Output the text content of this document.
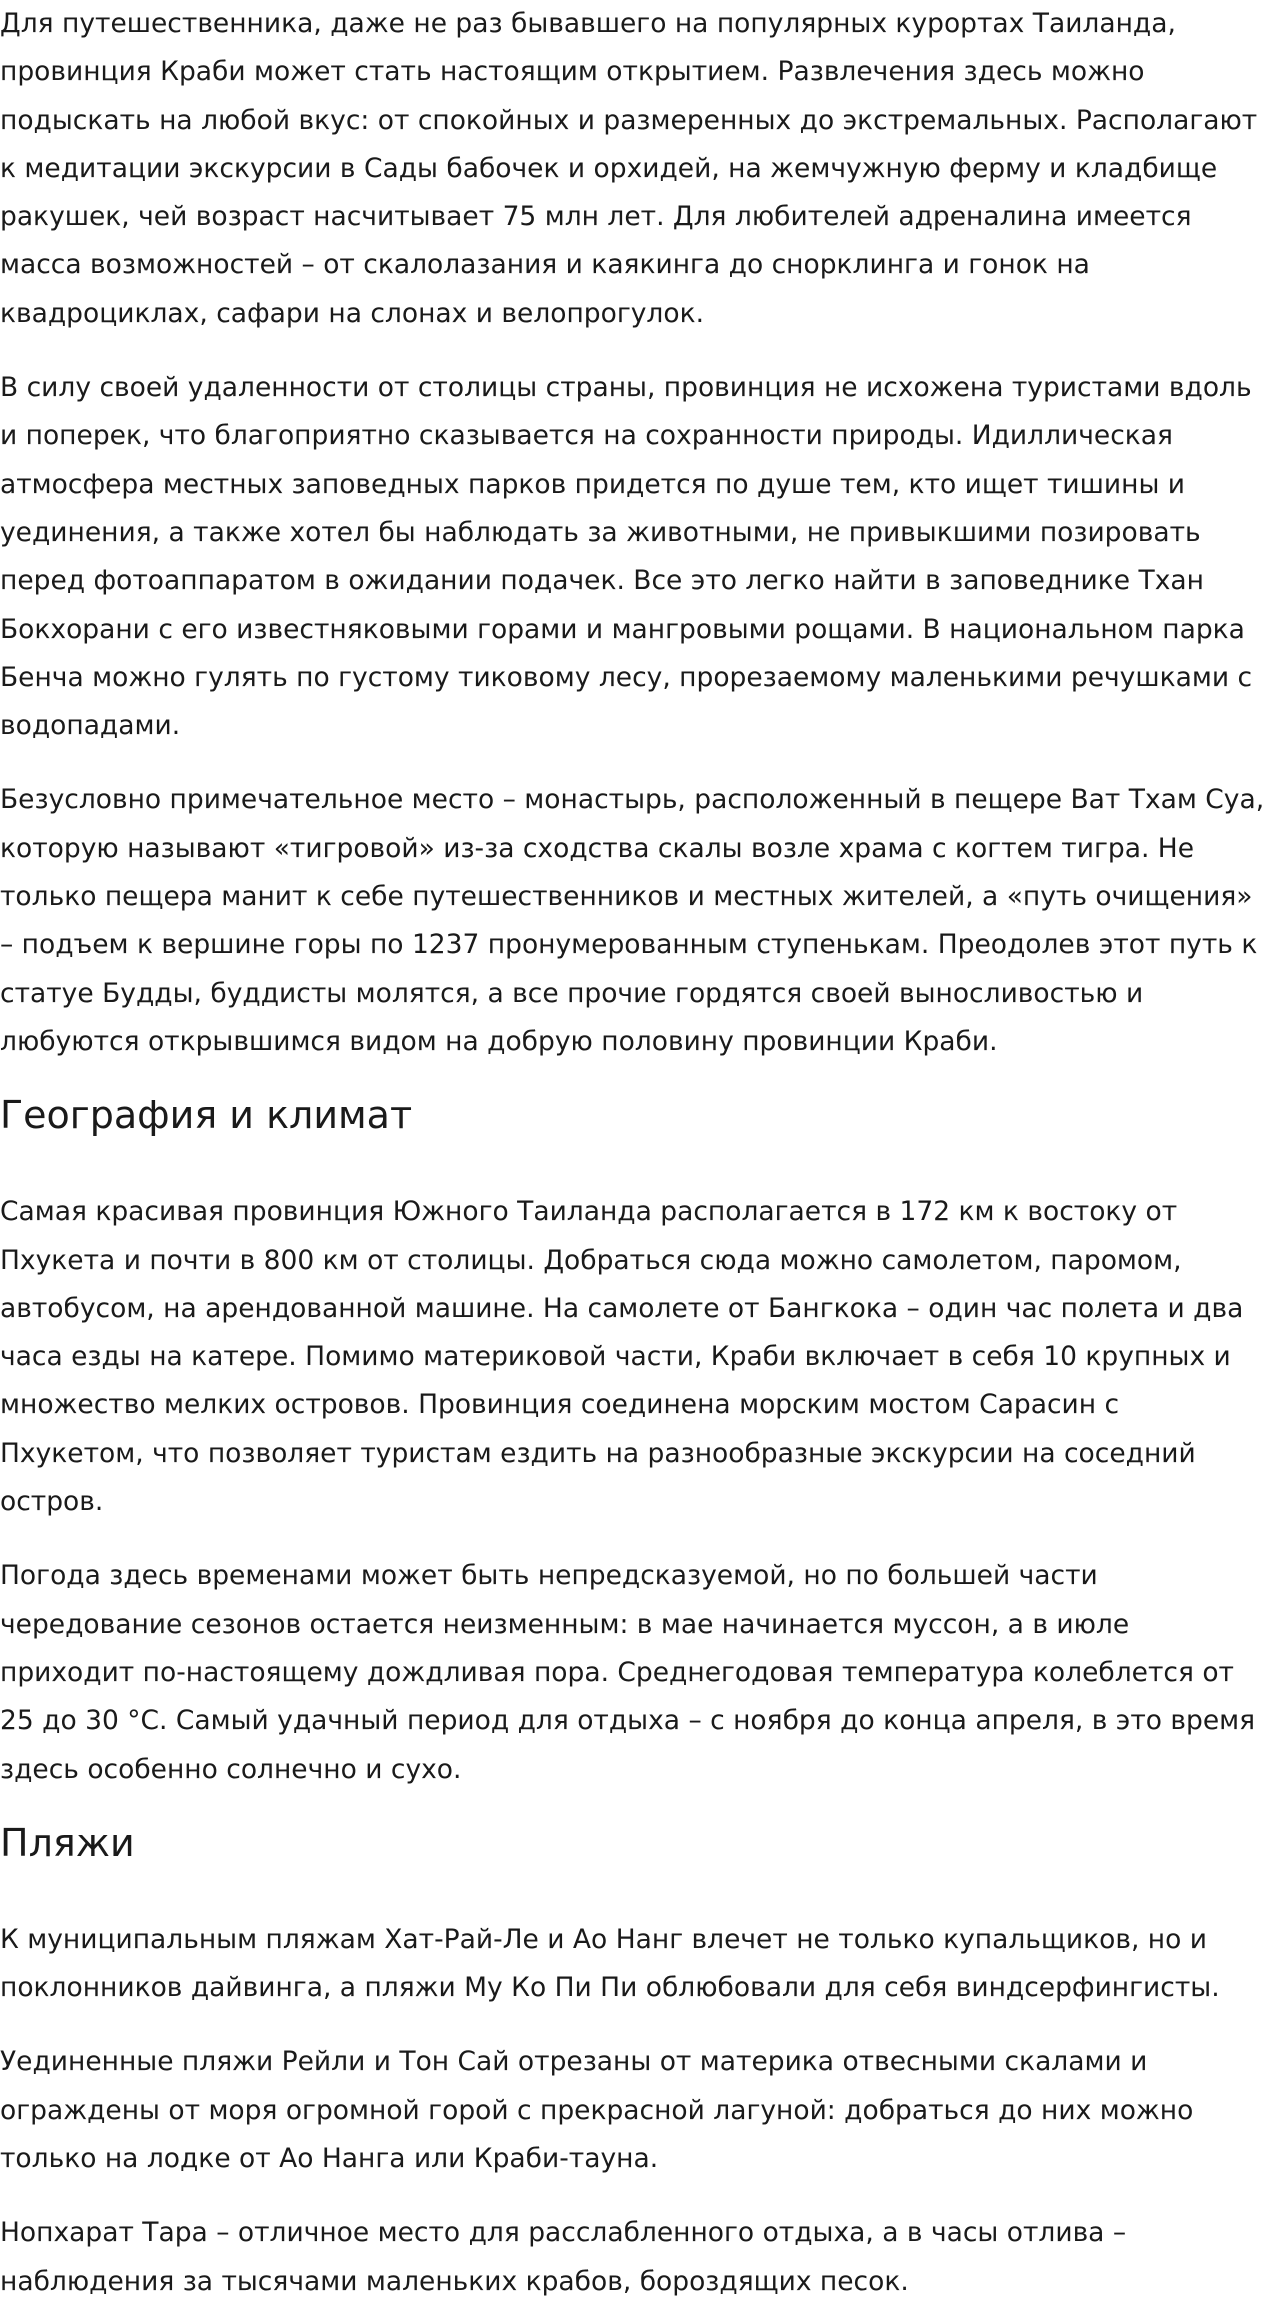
Для путешественника, даже не раз бывавшего на популярных курортах Таиланда, провинция Краби может стать настоящим открытием. Развлечения здесь можно подыскать на любой вкус: от спокойных и размеренных до экстремальных. Располагают к медитации экскурсии в Сады бабочек и орхидей, на жемчужную ферму и кладбище ракушек, чей возраст насчитывает 75 млн лет. Для любителей адреналина имеется масса возможностей – от скалолазания и каякинга до снорклинга и гонок на квадроциклах, сафари на слонах и велопрогулок.

В силу своей удаленности от столицы страны, провинция не исхожена туристами вдоль и поперек, что благоприятно сказывается на сохранности природы. Идиллическая атмосфера местных заповедных парков придется по душе тем, кто ищет тишины и уединения, а также хотел бы наблюдать за животными, не привыкшими позировать перед фотоаппаратом в ожидании подачек. Все это легко найти в заповеднике Тхан Бокхорани с его известняковыми горами и мангровыми рощами. В национальном парка Бенча можно гулять по густому тиковому лесу, прорезаемому маленькими речушками с водопадами.

Безусловно примечательное место – монастырь, расположенный в пещере Ват Тхам Суа, которую называют «тигровой» из-за сходства скалы возле храма с когтем тигра. Не только пещера манит к себе путешественников и местных жителей, а «путь очищения» – подъем к вершине горы по 1237 пронумерованным ступенькам. Преодолев этот путь к статуе Будды, буддисты молятся, а все прочие гордятся своей выносливостью и любуются открывшимся видом на добрую половину провинции Краби.

География и климат

Самая красивая провинция Южного Таиланда располагается в 172 км к востоку от Пхукета и почти в 800 км от столицы. Добраться сюда можно самолетом, паромом, автобусом, на арендованной машине. На самолете от Бангкока – один час полета и два часа езды на катере. Помимо материковой части, Краби включает в себя 10 крупных и множество мелких островов. Провинция соединена морским мостом Сарасин с Пхукетом, что позволяет туристам ездить на разнообразные экскурсии на соседний остров.

Погода здесь временами может быть непредсказуемой, но по большей части чередование сезонов остается неизменным: в мае начинается муссон, а в июле приходит по-настоящему дождливая пора. Среднегодовая температура колеблется от 25 до 30 °С. Самый удачный период для отдыха – с ноября до конца апреля, в это время здесь особенно солнечно и сухо.

Пляжи

К муниципальным пляжам Хат-Рай-Ле и Ао Нанг влечет не только купальщиков, но и поклонников дайвинга, а пляжи Му Ко Пи Пи облюбовали для себя виндсерфингисты.

Уединенные пляжи Рейли и Тон Сай отрезаны от материка отвесными скалами и ограждены от моря огромной горой с прекрасной лагуной: добраться до них можно только на лодке от Ао Нанга или Краби-тауна.

Нопхарат Тара – отличное место для расслабленного отдыха, а в часы отлива – наблюдения за тысячами маленьких крабов, бороздящих песок.
